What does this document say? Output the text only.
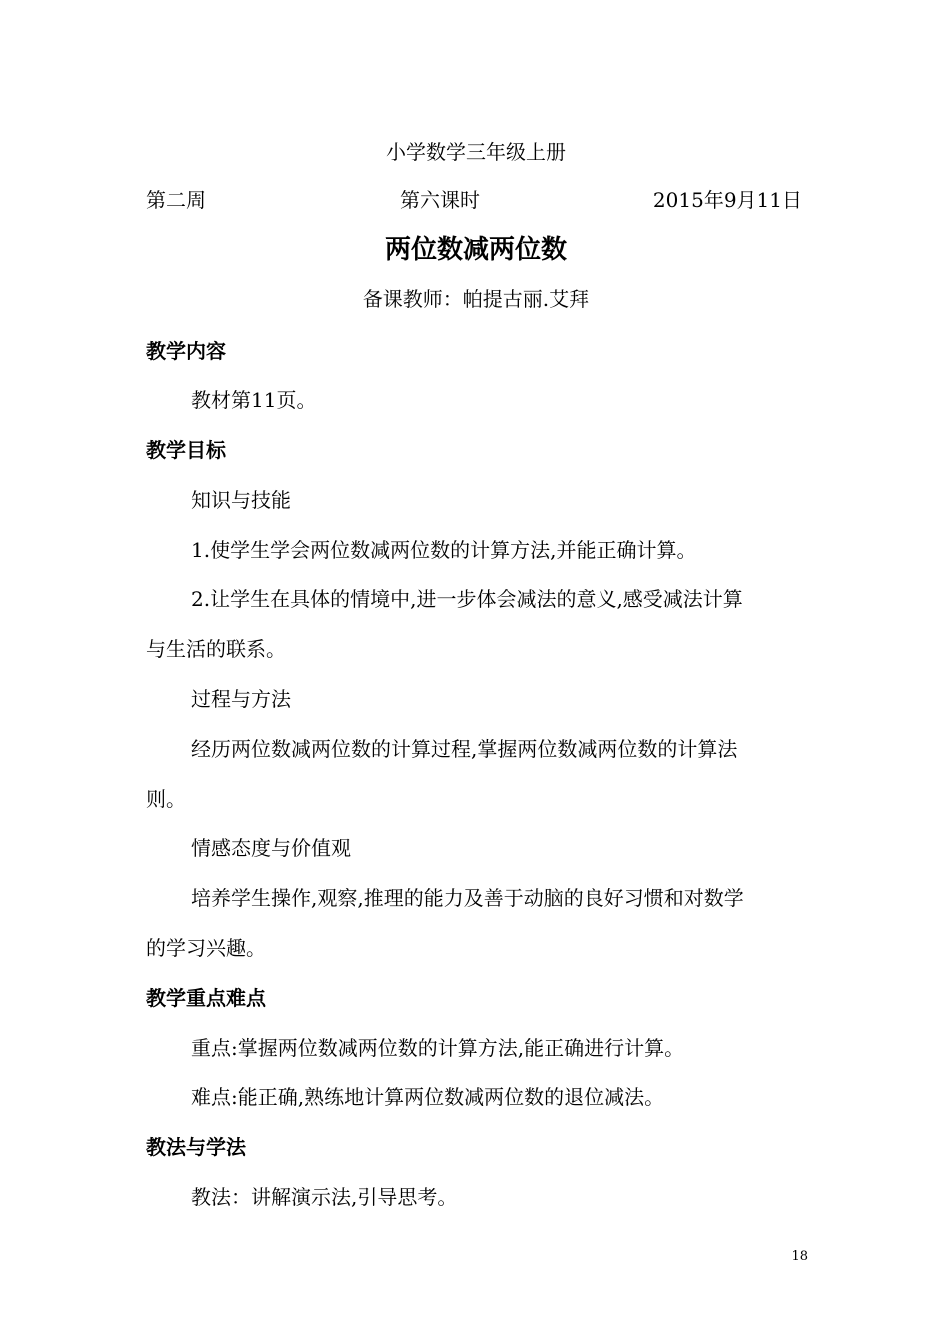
小学数学三年级上册
第二周	第六课时	2015年9月11日
两位数减两位数
备课教师：帕提古丽.艾拜
教学内容
教材第11页。
教学目标
知识与技能
1.使学生学会两位数减两位数的计算方法,并能正确计算。
2.让学生在具体的情境中,进一步体会减法的意义,感受减法计算
与生活的联系。
过程与方法
经历两位数减两位数的计算过程,掌握两位数减两位数的计算法
则。
情感态度与价值观
培养学生操作,观察,推理的能力及善于动脑的良好习惯和对数学
的学习兴趣。
教学重点难点
重点:掌握两位数减两位数的计算方法,能正确进行计算。
难点:能正确,熟练地计算两位数减两位数的退位减法。
教法与学法
教法：讲解演示法,引导思考。
18
